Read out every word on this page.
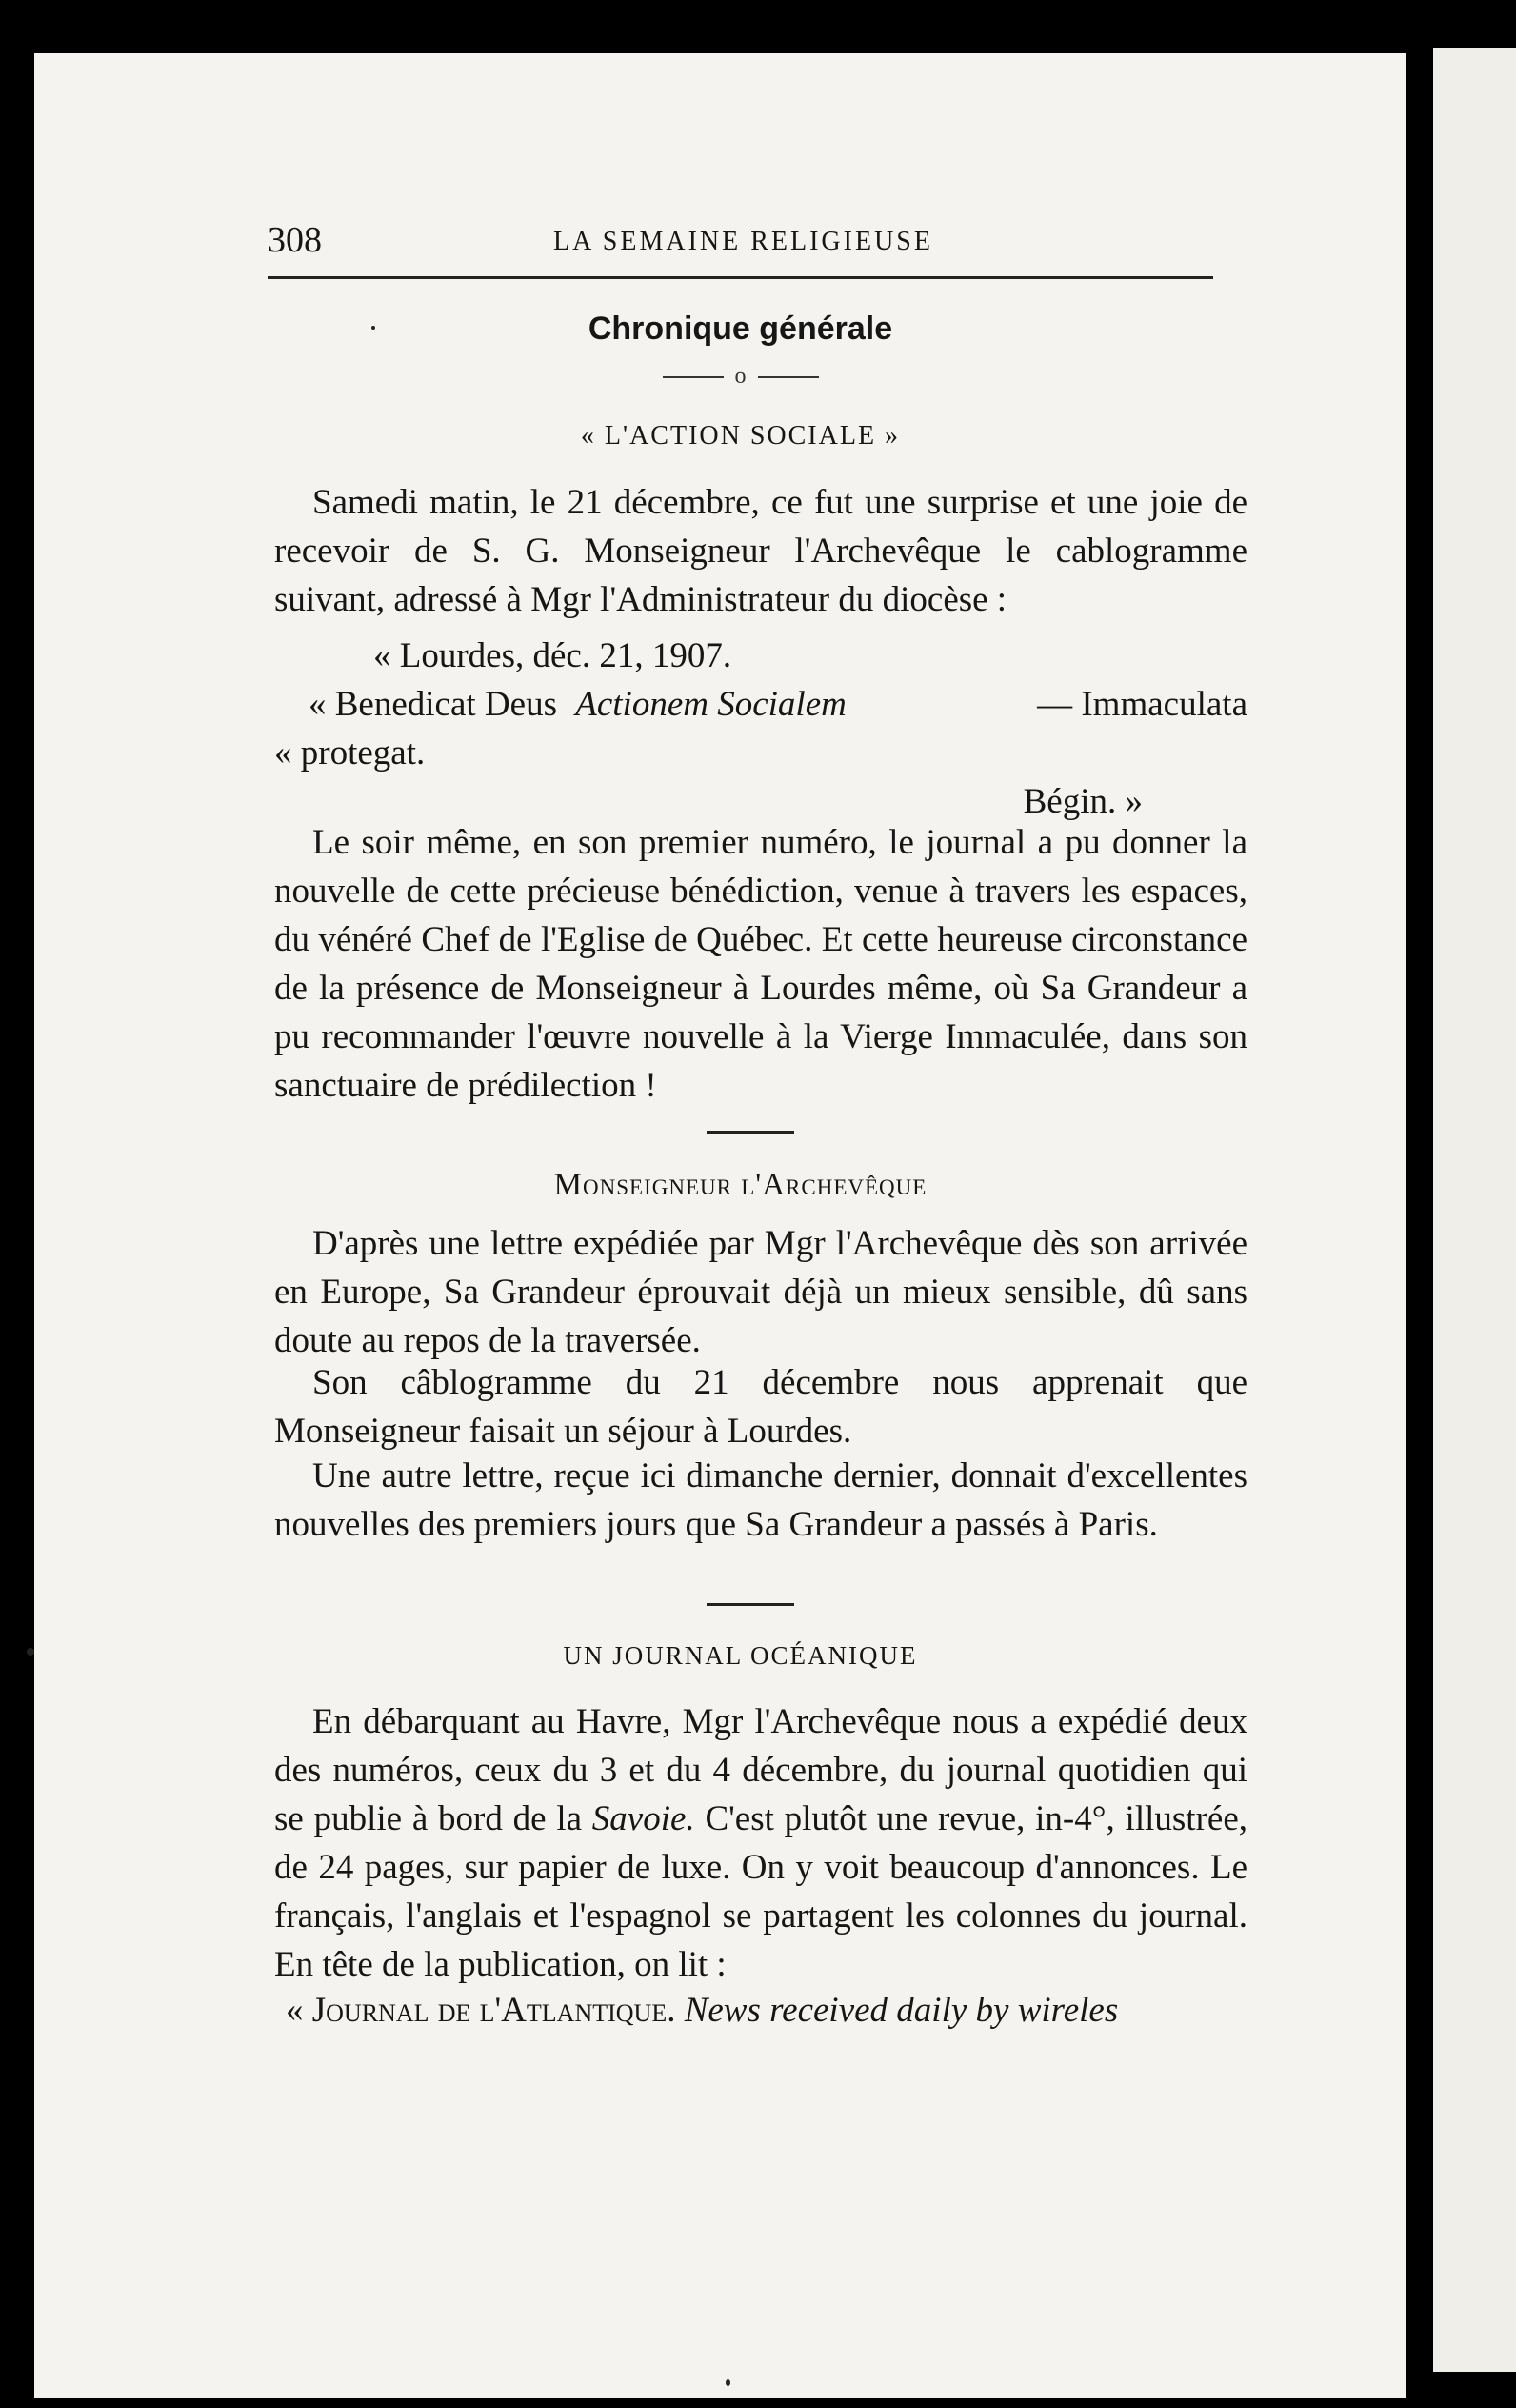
308	LA SEMAINE RELIGIEUSE
Chronique générale
o
« L'ACTION SOCIALE »
Samedi matin, le 21 décembre, ce fut une surprise et une joie de recevoir de S. G. Monseigneur l'Archevêque le cablogramme suivant, adressé à Mgr l'Administrateur du diocèse :
« Lourdes, déc. 21, 1907.
« Benedicat Deus Actionem Socialem	— Immaculata
« protegat.
Bégin. »
Le soir même, en son premier numéro, le journal a pu donner la nouvelle de cette précieuse bénédiction, venue à travers les espaces, du vénéré Chef de l'Eglise de Québec. Et cette heureuse circonstance de la présence de Monseigneur à Lourdes même, où Sa Grandeur a pu recommander l'œuvre nouvelle à la Vierge Immaculée, dans son sanctuaire de prédilection !
Monseigneur l'Archevêque
D'après une lettre expédiée par Mgr l'Archevêque dès son arrivée en Europe, Sa Grandeur éprouvait déjà un mieux sensible, dû sans doute au repos de la traversée.
Son câblogramme du 21 décembre nous apprenait que Monseigneur faisait un séjour à Lourdes.
Une autre lettre, reçue ici dimanche dernier, donnait d'excellentes nouvelles des premiers jours que Sa Grandeur a passés à Paris.
UN JOURNAL OCÉANIQUE
En débarquant au Havre, Mgr l'Archevêque nous a expédié deux des numéros, ceux du 3 et du 4 décembre, du journal quotidien qui se publie à bord de la Savoie. C'est plutôt une revue, in-4°, illustrée, de 24 pages, sur papier de luxe. On y voit beaucoup d'annonces. Le français, l'anglais et l'espagnol se partagent les colonnes du journal. En tête de la publication, on lit :
« Journal de l'Atlantique. News received daily by wireles
